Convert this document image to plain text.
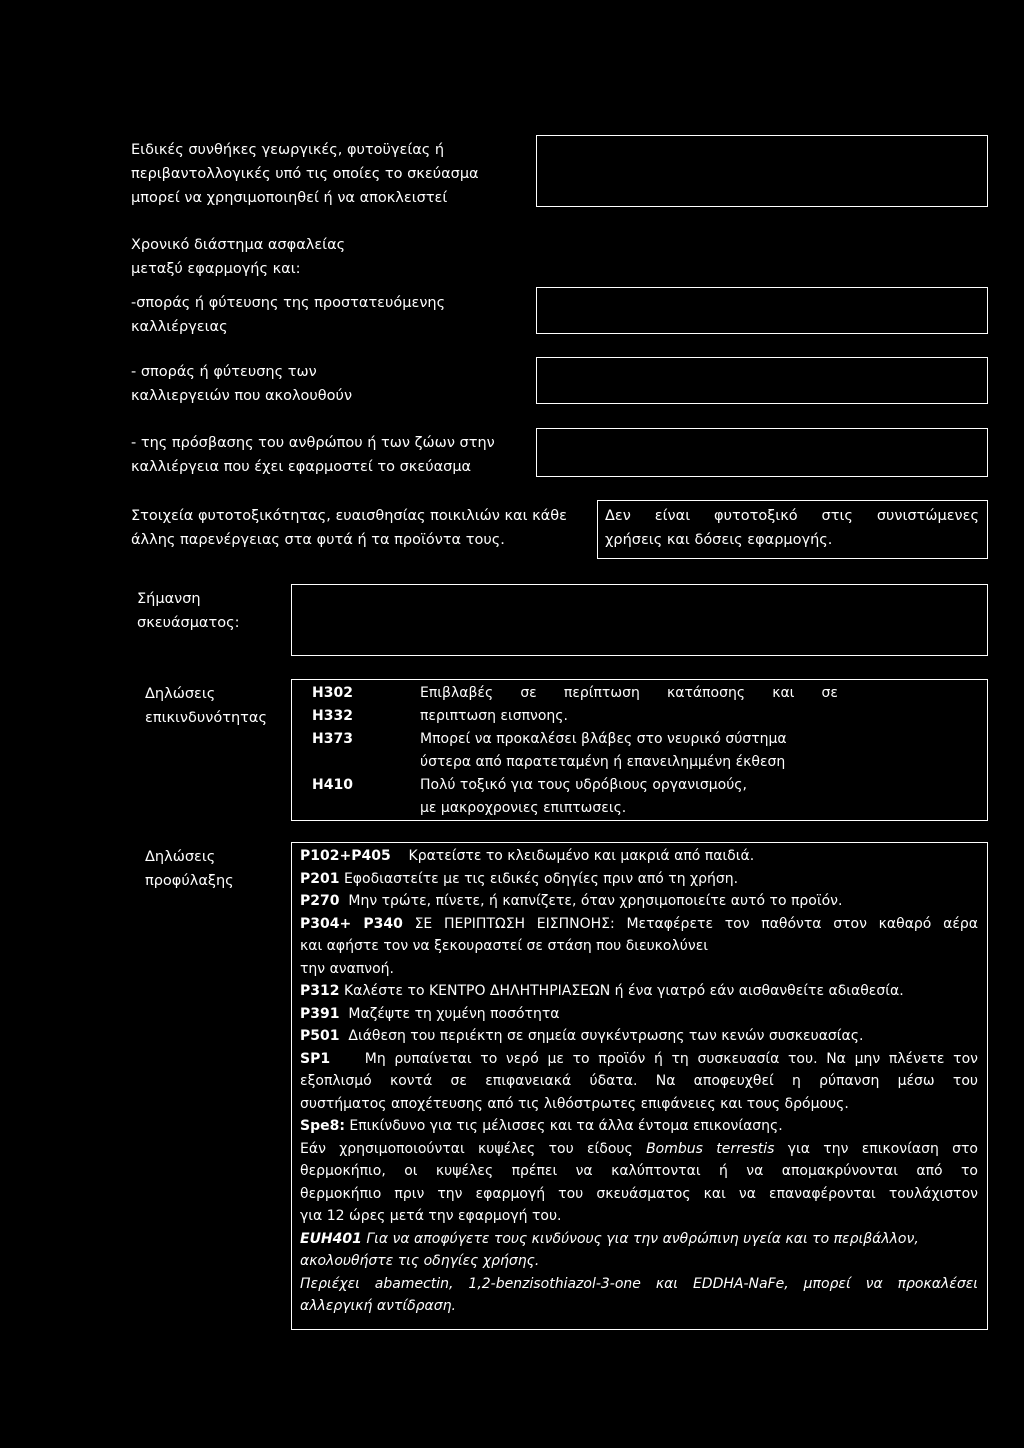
Ειδικές συνθήκες γεωργικές, φυτοϋγείας ή
περιβαντολλογικές υπό τις οποίες το σκεύασμα
μπορεί να χρησιμοποιηθεί ή να αποκλειστεί
Χρονικό διάστημα ασφαλείας
μεταξύ εφαρμογής και:
-σποράς ή φύτευσης της προστατευόμενης
καλλιέργειας
- σποράς ή φύτευσης των
καλλιεργειών που ακολουθούν
- της πρόσβασης του ανθρώπου ή των ζώων στην
καλλιέργεια που έχει εφαρμοστεί το σκεύασμα
Στοιχεία φυτοτοξικότητας, ευαισθησίας ποικιλιών και κάθε
άλλης παρενέργειας στα φυτά ή τα προϊόντα τους.
Δεν είναι φυτοτοξικό στις συνιστώμενες
χρήσεις και δόσεις εφαρμογής.
Σήμανση
σκευάσματος:
Δηλώσεις
επικινδυνότητας
H302
H332
H373
H410
Επιβλαβές σε περίπτωση κατάποσης και σε
περιπτωση εισπνοης.
Μπορεί να προκαλέσει βλάβες στο νευρικό σύστημα
ύστερα από παρατεταμένη ή επανειλημμένη έκθεση
Πολύ τοξικό για τους υδρόβιους οργανισμούς,
με μακροχρονιες επιπτωσεις.
Δηλώσεις
προφύλαξης

P102+P405 Κρατείστε το κλειδωμένο και μακριά από παιδιά.

P201 Εφοδιαστείτε με τις ειδικές οδηγίες πριν από τη χρήση.

P270 Μην τρώτε, πίνετε, ή καπνίζετε, όταν χρησιμοποιείτε αυτό το προϊόν.

P304+ P340 ΣΕ ΠΕΡΙΠΤΩΣΗ ΕΙΣΠΝΟΗΣ: Μεταφέρετε τον παθόντα στον καθαρό αέρα

και αφήστε τον να ξεκουραστεί σε στάση που διευκολύνει

την αναπνοή.

P312 Καλέστε το ΚΕΝΤΡΟ ΔΗΛΗΤΗΡΙΑΣΕΩΝ ή ένα γιατρό εάν αισθανθείτε αδιαθεσία.

P391 Μαζέψτε τη χυμένη ποσότητα

P501 Διάθεση του περιέκτη σε σημεία συγκέντρωσης των κενών συσκευασίας.

SP1 Μη ρυπαίνεται το νερό με το προϊόν ή τη συσκευασία του. Να μην πλένετε τον

εξοπλισμό κοντά σε επιφανειακά ύδατα. Να αποφευχθεί η ρύπανση μέσω του

συστήματος αποχέτευσης από τις λιθόστρωτες επιφάνειες και τους δρόμους.

Spe8: Επικίνδυνο για τις μέλισσες και τα άλλα έντομα επικονίασης.

Εάν χρησιμοποιούνται κυψέλες του είδους Bombus terrestis για την επικονίαση στο

θερμοκήπιο, οι κυψέλες πρέπει να καλύπτονται ή να απομακρύνονται από το

θερμοκήπιο πριν την εφαρμογή του σκευάσματος και να επαναφέρονται τουλάχιστον

για 12 ώρες μετά την εφαρμογή του.

EUH401 Για να αποφύγετε τους κινδύνους για την ανθρώπινη υγεία και το περιβάλλον,

ακολουθήστε τις οδηγίες χρήσης.

Περιέχει abamectin, 1,2-benzisothiazol-3-one και EDDHA-NaFe, μπορεί να προκαλέσει

αλλεργική αντίδραση.
